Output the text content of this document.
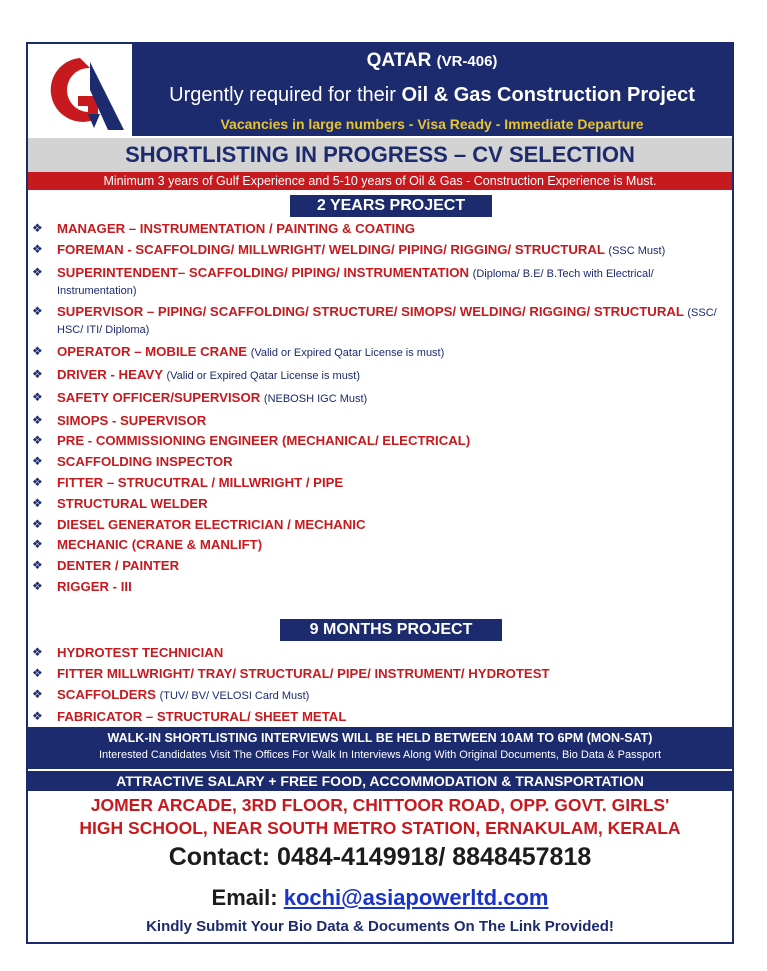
QATAR (VR-406)
Urgently required for their Oil & Gas Construction Project
Vacancies in large numbers - Visa Ready - Immediate Departure
SHORTLISTING IN PROGRESS – CV SELECTION
Minimum 3 years of Gulf Experience and 5-10 years of Oil & Gas - Construction Experience is Must.
2 YEARS PROJECT
❖ MANAGER – INSTRUMENTATION / PAINTING & COATING
❖ FOREMAN - SCAFFOLDING/ MILLWRIGHT/ WELDING/ PIPING/ RIGGING/ STRUCTURAL (SSC Must)
❖ SUPERINTENDENT– SCAFFOLDING/ PIPING/ INSTRUMENTATION (Diploma/ B.E/ B.Tech with Electrical/ Instrumentation)
❖ SUPERVISOR – PIPING/ SCAFFOLDING/ STRUCTURE/ SIMOPS/ WELDING/ RIGGING/ STRUCTURAL (SSC/ HSC/ ITI/ Diploma)
❖ OPERATOR – MOBILE CRANE (Valid or Expired Qatar License is must)
❖ DRIVER - HEAVY (Valid or Expired Qatar License is must)
❖ SAFETY OFFICER/SUPERVISOR (NEBOSH IGC Must)
❖ SIMOPS - SUPERVISOR
❖ PRE - COMMISSIONING ENGINEER (MECHANICAL/ ELECTRICAL)
❖ SCAFFOLDING INSPECTOR
❖ FITTER – STRUCUTRAL / MILLWRIGHT / PIPE
❖ STRUCTURAL WELDER
❖ DIESEL GENERATOR ELECTRICIAN / MECHANIC
❖ MECHANIC (CRANE & MANLIFT)
❖ DENTER / PAINTER
❖ RIGGER - III
9 MONTHS PROJECT
❖ HYDROTEST TECHNICIAN
❖ FITTER MILLWRIGHT/ TRAY/ STRUCTURAL/ PIPE/ INSTRUMENT/ HYDROTEST
❖ SCAFFOLDERS (TUV/ BV/ VELOSI Card Must)
❖ FABRICATOR – STRUCTURAL/ SHEET METAL
WALK-IN SHORTLISTING INTERVIEWS WILL BE HELD BETWEEN 10AM TO 6PM (MON-SAT)
Interested Candidates Visit The Offices For Walk In Interviews Along With Original Documents, Bio Data & Passport
ATTRACTIVE SALARY + FREE FOOD, ACCOMMODATION & TRANSPORTATION
JOMER ARCADE, 3RD FLOOR, CHITTOOR ROAD, OPP. GOVT. GIRLS'
HIGH SCHOOL, NEAR SOUTH METRO STATION, ERNAKULAM, KERALA
Contact: 0484-4149918/ 8848457818
Email: kochi@asiapowerltd.com
Kindly Submit Your Bio Data & Documents On The Link Provided!
